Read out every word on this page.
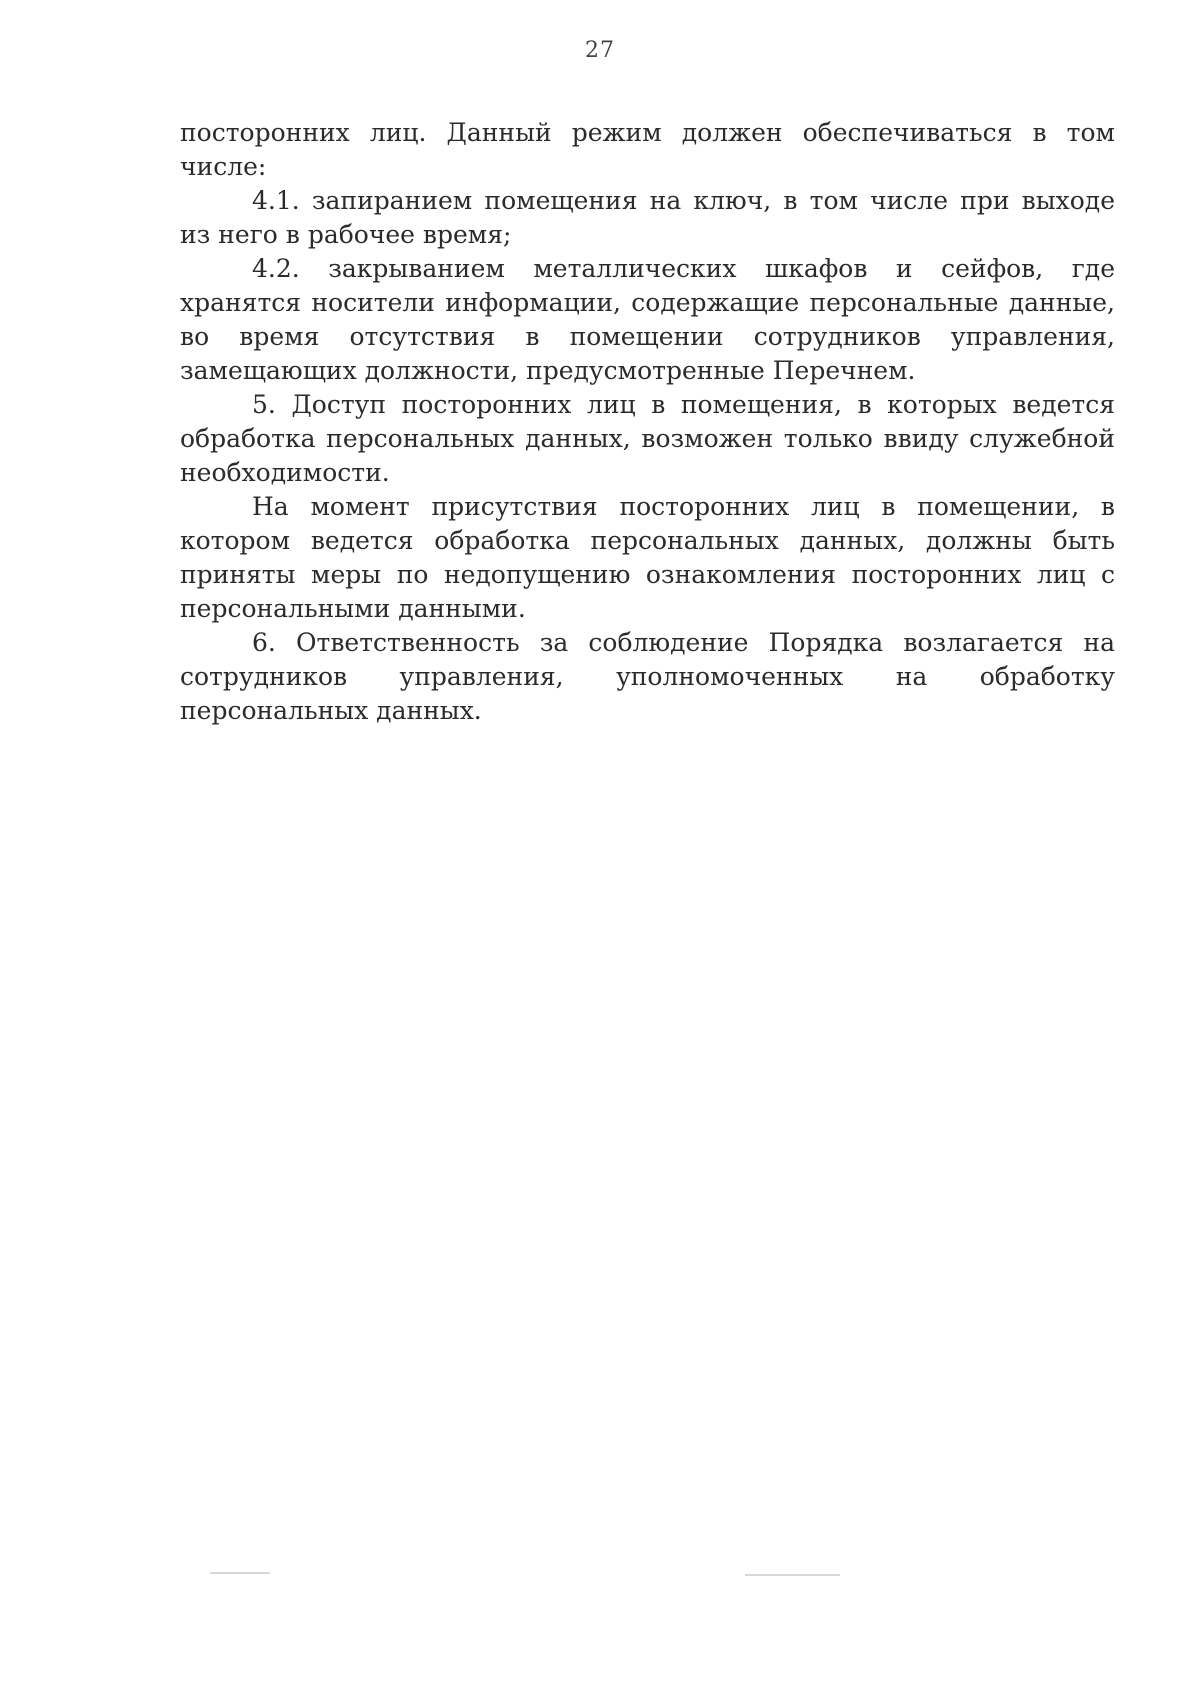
27

посторонних лиц. Данный режим должен обеспечиваться в том числе:

4.1. запиранием помещения на ключ, в том числе при выходе из него в рабочее время;

4.2. закрыванием металлических шкафов и сейфов, где хранятся носители информации, содержащие персональные данные, во время отсутствия в помещении сотрудников управления, замещающих должности, предусмотренные Перечнем.

5. Доступ посторонних лиц в помещения, в которых ведется обработка персональных данных, возможен только ввиду служебной необходимости.

На момент присутствия посторонних лиц в помещении, в котором ведется обработка персональных данных, должны быть приняты меры по недопущению ознакомления посторонних лиц с персональными данными.

6. Ответственность за соблюдение Порядка возлагается на сотрудников управления, уполномоченных на обработку персональных данных.
